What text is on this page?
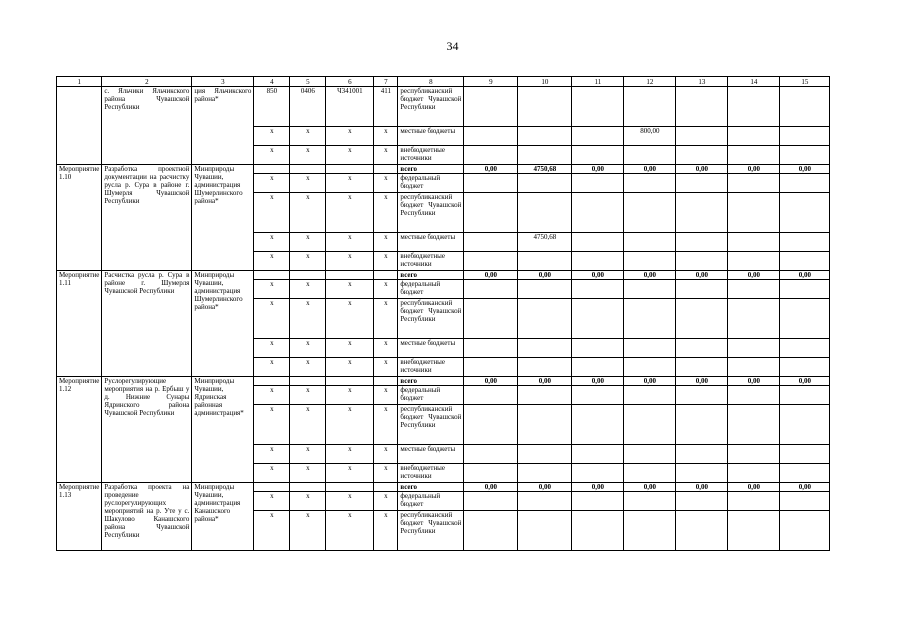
34
1	2	3	4	5	6	7	8	9	10	11	12	13	14	15
	с. Яльчики Яльчикского района Чувашской Республики	ция Яльчикского района*	850	0406	Ч341001	411	республиканский бюджет Чувашской Республики							
			х	х	х	х	местные бюджеты				800,00			
			х	х	х	х	внебюджетные источники							
Мероприятие 1.10	Разработка проектной документации на расчистку русла р. Сура в районе г. Шумерля Чувашской Республики	Минприроды Чувашии, администрация Шумерлинского района*					всего	0,00	4750,68	0,00	0,00	0,00	0,00	0,00
			х	х	х	х	федеральный бюджет							
			х	х	х	х	республиканский бюджет Чувашской Республики							
			х	х	х	х	местные бюджеты		4750,68					
			х	х	х	х	внебюджетные источники							
Мероприятие 1.11	Расчистка русла р. Сура в районе г. Шумерля Чувашской Республики	Минприроды Чувашии, администрация Шумерлинского района*					всего	0,00	0,00	0,00	0,00	0,00	0,00	0,00
			х	х	х	х	федеральный бюджет							
			х	х	х	х	республиканский бюджет Чувашской Республики							
			х	х	х	х	местные бюджеты							
			х	х	х	х	внебюджетные источники							
Мероприятие 1.12	Руслорегулирующие мероприятия на р. Ербыш у д. Нижние Сунары Ядринского района Чувашской Республики	Минприроды Чувашии, Ядринская районная администрация*					всего	0,00	0,00	0,00	0,00	0,00	0,00	0,00
			х	х	х	х	федеральный бюджет							
			х	х	х	х	республиканский бюджет Чувашской Республики							
			х	х	х	х	местные бюджеты							
			х	х	х	х	внебюджетные источники							
Мероприятие 1.13	Разработка проекта на проведение руслорегулирующих мероприятий на р. Уте у с. Шакулово Канашского района Чувашской Республики	Минприроды Чувашии, администрация Канашского района*					всего	0,00	0,00	0,00	0,00	0,00	0,00	0,00
			х	х	х	х	федеральный бюджет							
			х	х	х	х	республиканский бюджет Чувашской Республики							
